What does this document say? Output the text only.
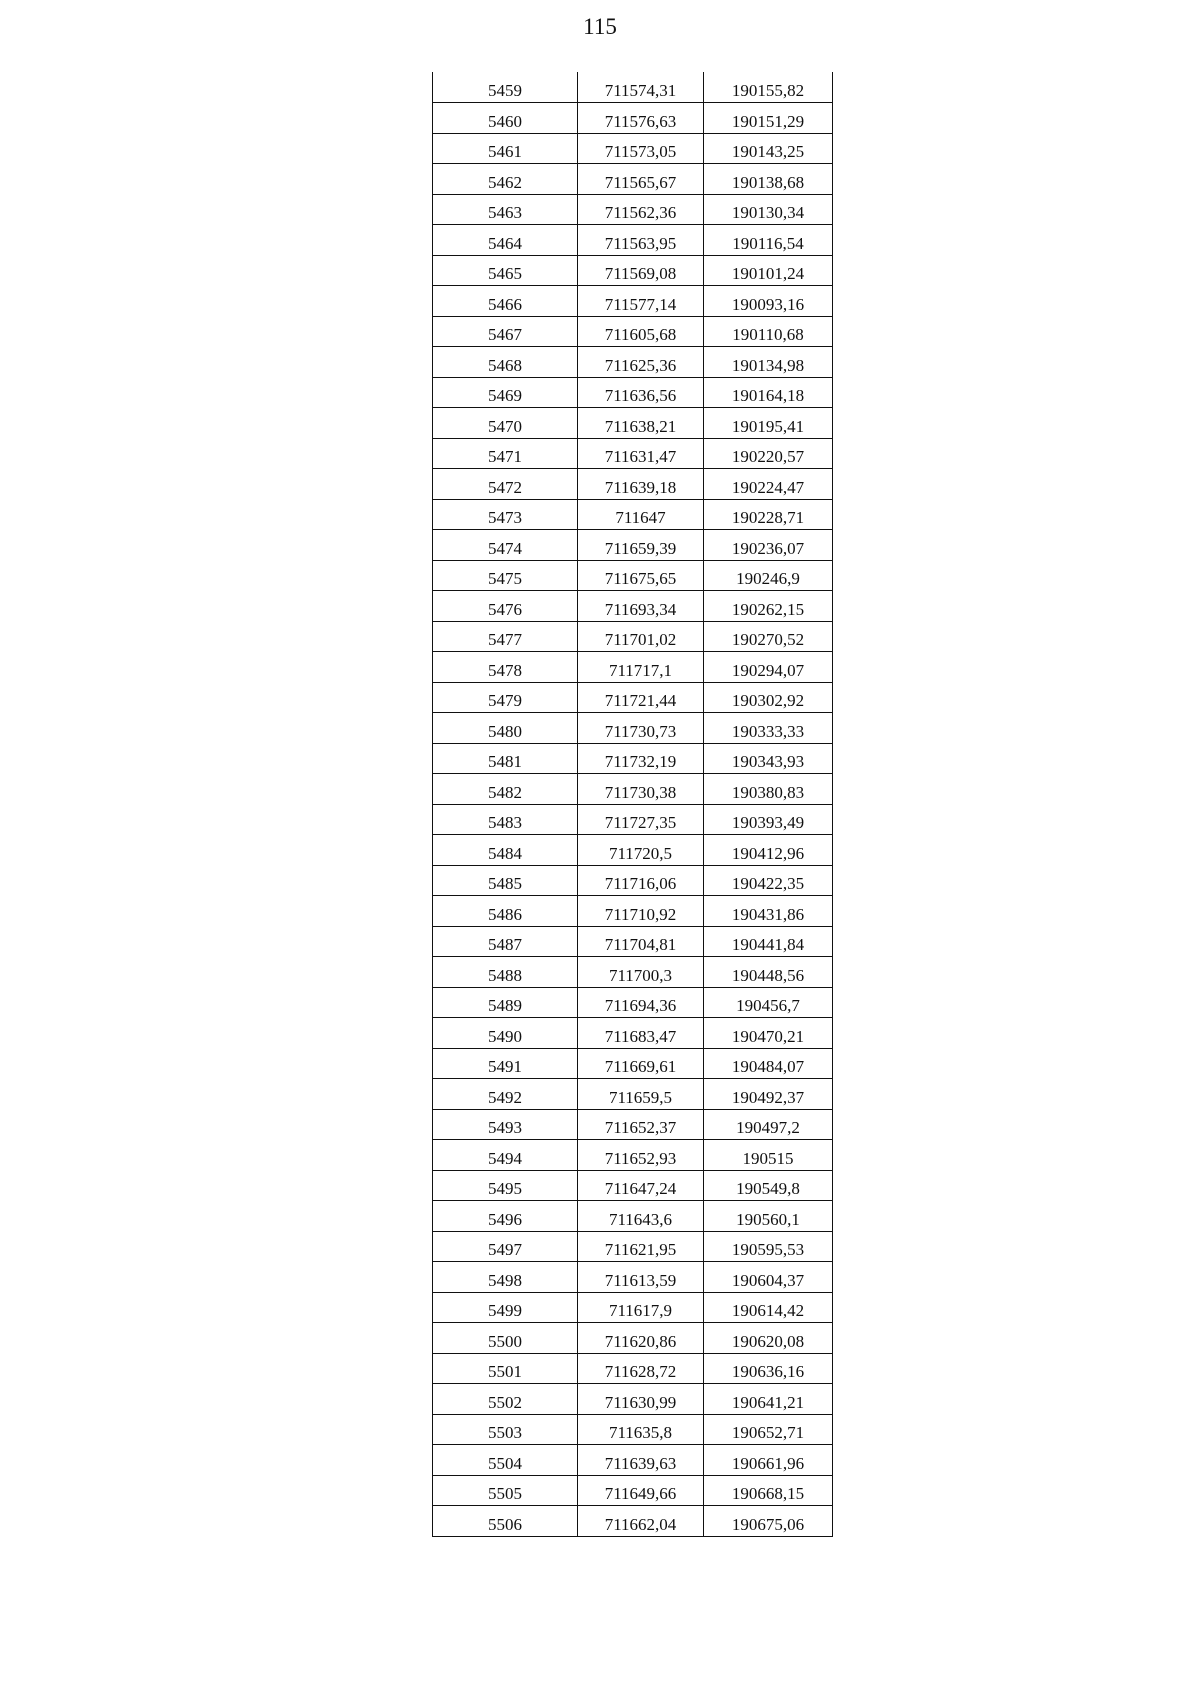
115
5459	711574,31	190155,82
5460	711576,63	190151,29
5461	711573,05	190143,25
5462	711565,67	190138,68
5463	711562,36	190130,34
5464	711563,95	190116,54
5465	711569,08	190101,24
5466	711577,14	190093,16
5467	711605,68	190110,68
5468	711625,36	190134,98
5469	711636,56	190164,18
5470	711638,21	190195,41
5471	711631,47	190220,57
5472	711639,18	190224,47
5473	711647	190228,71
5474	711659,39	190236,07
5475	711675,65	190246,9
5476	711693,34	190262,15
5477	711701,02	190270,52
5478	711717,1	190294,07
5479	711721,44	190302,92
5480	711730,73	190333,33
5481	711732,19	190343,93
5482	711730,38	190380,83
5483	711727,35	190393,49
5484	711720,5	190412,96
5485	711716,06	190422,35
5486	711710,92	190431,86
5487	711704,81	190441,84
5488	711700,3	190448,56
5489	711694,36	190456,7
5490	711683,47	190470,21
5491	711669,61	190484,07
5492	711659,5	190492,37
5493	711652,37	190497,2
5494	711652,93	190515
5495	711647,24	190549,8
5496	711643,6	190560,1
5497	711621,95	190595,53
5498	711613,59	190604,37
5499	711617,9	190614,42
5500	711620,86	190620,08
5501	711628,72	190636,16
5502	711630,99	190641,21
5503	711635,8	190652,71
5504	711639,63	190661,96
5505	711649,66	190668,15
5506	711662,04	190675,06
